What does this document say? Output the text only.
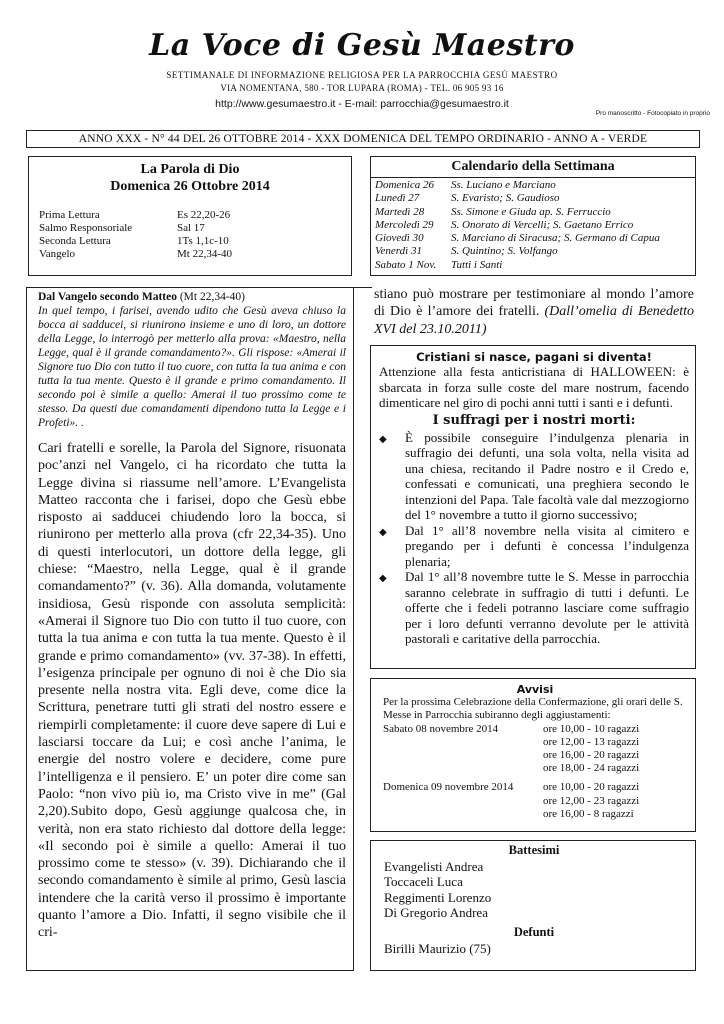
La Voce di Gesù Maestro
SETTIMANALE DI INFORMAZIONE RELIGIOSA PER LA PARROCCHIA GESÙ MAESTRO
VIA NOMENTANA, 580 - TOR LUPARA (ROMA) - TEL. 06 905 93 16
http://www.gesumaestro.it - E-mail: parrocchia@gesumaestro.it
Pro manoscritto - Fotocopiato in proprio
ANNO XXX - N° 44 DEL 26 OTTOBRE 2014 - XXX DOMENICA DEL TEMPO ORDINARIO - ANNO A - VERDE
La Parola di Dio
Domenica 26 Ottobre 2014
Prima Lettura	Es 22,20-26
Salmo Responsoriale	Sal 17
Seconda Lettura	1Ts 1,1c-10
Vangelo	Mt 22,34-40
Calendario della Settimana
Domenica 26	Ss. Luciano e Marciano
Lunedì 27	S. Evaristo; S. Gaudioso
Martedì 28	Ss. Simone e Giuda ap. S. Ferruccio
Mercoledì 29	S. Onorato di Vercelli; S. Gaetano Errico
Giovedì 30	S. Marciano di Siracusa; S. Germano di Capua
Venerdì 31	S. Quintino; S. Volfango
Sabato 1 Nov.	Tutti i Santi
Dal Vangelo secondo Matteo (Mt 22,34-40)
In quel tempo, i farisei, avendo udito che Gesù aveva chiuso la bocca ai sadducei, si riunirono insieme e uno di loro, un dottore della Legge, lo interrogò per metterlo alla prova: «Maestro, nella Legge, qual è il grande comandamento?». Gli rispose: «Amerai il Signore tuo Dio con tutto il tuo cuore, con tutta la tua anima e con tutta la tua mente. Questo è il grande e primo comandamento. Il secondo poi è simile a quello: Amerai il tuo prossimo come te stesso. Da questi due comandamenti dipendono tutta la Legge e i Profeti». .
Cari fratelli e sorelle, la Parola del Signore, risuonata poc’anzi nel Vangelo, ci ha ricordato che tutta la Legge divina si riassume nell’amore. L’Evangelista Matteo racconta che i farisei, dopo che Gesù ebbe risposto ai sadducei chiudendo loro la bocca, si riunirono per metterlo alla prova (cfr 22,34-35). Uno di questi interlocutori, un dottore della legge, gli chiese: “Maestro, nella Legge, qual è il grande comandamento?” (v. 36). Alla domanda, volutamente insidiosa, Gesù risponde con assoluta semplicità: «Amerai il Signore tuo Dio con tutto il tuo cuore, con tutta la tua anima e con tutta la tua mente. Questo è il grande e primo comandamento» (vv. 37-38). In effetti, l’esigenza principale per ognuno di noi è che Dio sia presente nella nostra vita. Egli deve, come dice la Scrittura, penetrare tutti gli strati del nostro essere e riempirli completamente: il cuore deve sapere di Lui e lasciarsi toccare da Lui; e così anche l’anima, le energie del nostro volere e decidere, come pure l’intelligenza e il pensiero. E’ un poter dire come san Paolo: “non vivo più io, ma Cristo vive in me” (Gal 2,20).Subito dopo, Gesù aggiunge qualcosa che, in verità, non era stato richiesto dal dottore della legge: «Il secondo poi è simile a quello: Amerai il tuo prossimo come te stesso» (v. 39). Dichiarando che il secondo comandamento è simile al primo, Gesù lascia intendere che la carità verso il prossimo è importante quanto l’amore a Dio. Infatti, il segno visibile che il cri-
stiano può mostrare per testimoniare al mondo l’amore di Dio è l’amore dei fratelli. (Dall’omelia di Benedetto XVI del 23.10.2011)
Cristiani si nasce, pagani si diventa!
Attenzione alla festa anticristiana di HALLOWEEN: è sbarcata in forza sulle coste del mare nostrum, facendo dimenticare nel giro di pochi anni tutti i santi e i defunti.
I suffragi per i nostri morti:
◆	È possibile conseguire l’indulgenza plenaria in suffragio dei defunti, una sola volta, nella visita ad una chiesa, recitando il Padre nostro e il Credo e, confessati e comunicati, una preghiera secondo le intenzioni del Papa. Tale facoltà vale dal mezzogiorno del 1° novembre a tutto il giorno successivo;
◆	Dal 1° all’8 novembre nella visita al cimitero e pregando per i defunti è concessa l’indulgenza plenaria;
◆	Dal 1° all’8 novembre tutte le S. Messe in parrocchia saranno celebrate in suffragio di tutti i defunti. Le offerte che i fedeli potranno lasciare come suffragio per i loro defunti verranno devolute per le attività pastorali e caritative della parrocchia.
Avvisi
Per la prossima Celebrazione della Confermazione, gli orari delle S. Messe in Parrocchia subiranno degli aggiustamenti:
Sabato 08 novembre 2014	ore 10,00 - 10 ragazzi
ore 12,00 - 13 ragazzi
ore 16,00 - 20 ragazzi
ore 18,00 - 24 ragazzi
Domenica 09 novembre 2014	ore 10,00 - 20 ragazzi
ore 12,00 - 23 ragazzi
ore 16,00 - 8 ragazzi
Battesimi
Evangelisti Andrea
Toccaceli Luca
Reggimenti Lorenzo
Di Gregorio Andrea
Defunti
Birilli Maurizio (75)
